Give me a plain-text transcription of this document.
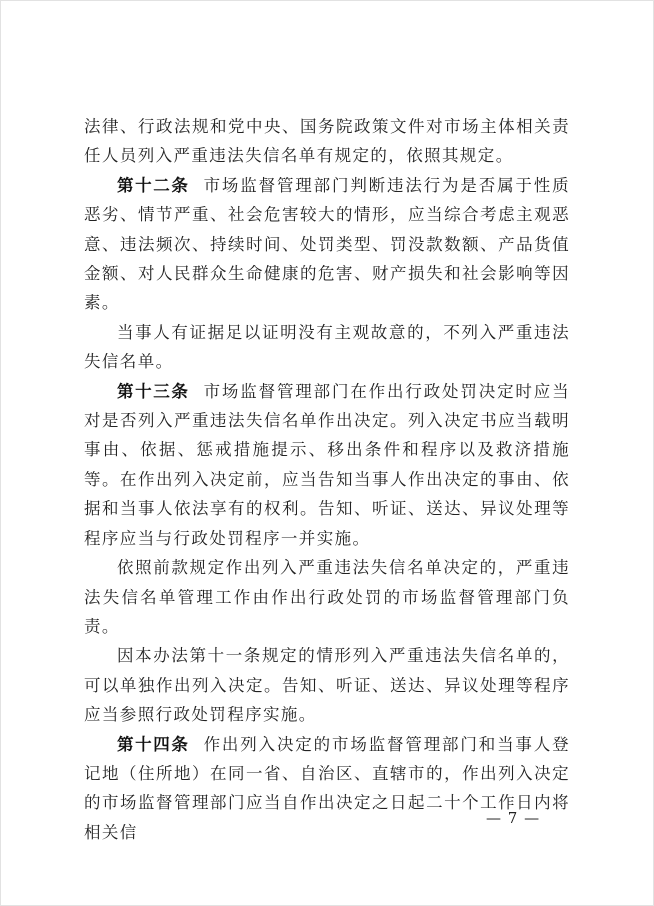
法律、行政法规和党中央、国务院政策文件对市场主体相关责任人员列入严重违法失信名单有规定的，依照其规定。

第十二条 市场监督管理部门判断违法行为是否属于性质恶劣、情节严重、社会危害较大的情形，应当综合考虑主观恶意、违法频次、持续时间、处罚类型、罚没款数额、产品货值金额、对人民群众生命健康的危害、财产损失和社会影响等因素。

当事人有证据足以证明没有主观故意的，不列入严重违法失信名单。

第十三条 市场监督管理部门在作出行政处罚决定时应当对是否列入严重违法失信名单作出决定。列入决定书应当载明事由、依据、惩戒措施提示、移出条件和程序以及救济措施等。在作出列入决定前，应当告知当事人作出决定的事由、依据和当事人依法享有的权利。告知、听证、送达、异议处理等程序应当与行政处罚程序一并实施。

依照前款规定作出列入严重违法失信名单决定的，严重违法失信名单管理工作由作出行政处罚的市场监督管理部门负责。

因本办法第十一条规定的情形列入严重违法失信名单的，可以单独作出列入决定。告知、听证、送达、异议处理等程序应当参照行政处罚程序实施。

第十四条 作出列入决定的市场监督管理部门和当事人登记地（住所地）在同一省、自治区、直辖市的，作出列入决定的市场监督管理部门应当自作出决定之日起二十个工作日内将相关信

— 7 —
